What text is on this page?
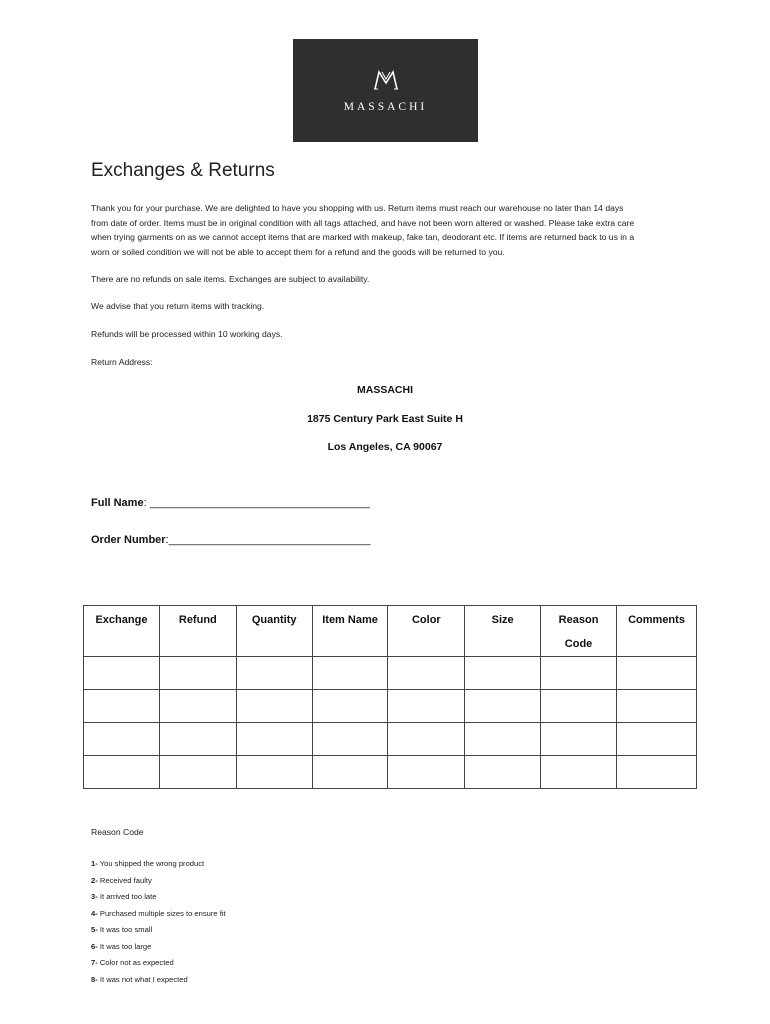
MASSACHI
Exchanges & Returns
Thank you for your purchase. We are delighted to have you shopping with us. Return items must reach our warehouse no later than 14 days
from date of order. Items must be in original condition with all tags attached, and have not been worn altered or washed. Please take extra care
when trying garments on as we cannot accept items that are marked with makeup, fake tan, deodorant etc. If items are returned back to us in a
worn or soiled condition we will not be able to accept them for a refund and the goods will be returned to you.
There are no refunds on sale items. Exchanges are subject to availability.
We advise that you return items with tracking.
Refunds will be processed within 10 working days.
Return Address:
MASSACHI
1875 Century Park East Suite H
Los Angeles, CA 90067
Full Name: ____________________________________
Order Number:_________________________________
Exchange	Refund	Quantity	Item Name	Color	Size	Reason Code	Comments

Reason Code
1- You shipped the wrong product
2- Received faulty
3- It arrived too late
4- Purchased multiple sizes to ensure fit
5- It was too small
6- It was too large
7- Color not as expected
8- It was not what I expected
